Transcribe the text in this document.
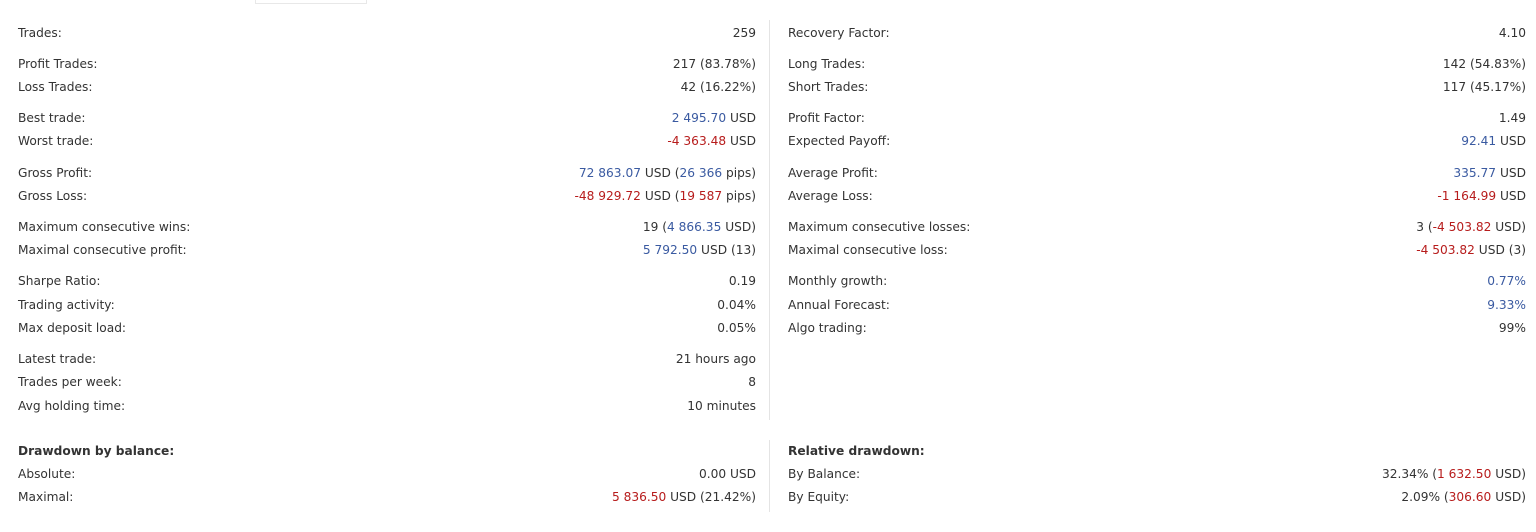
Trades:	259
Profit Trades:	217 (83.78%)
Loss Trades:	42 (16.22%)
Best trade:	2 495.70 USD
Worst trade:	-4 363.48 USD
Gross Profit:	72 863.07 USD (26 366 pips)
Gross Loss:	-48 929.72 USD (19 587 pips)
Maximum consecutive wins:	19 (4 866.35 USD)
Maximal consecutive profit:	5 792.50 USD (13)
Sharpe Ratio:	0.19
Trading activity:	0.04%
Max deposit load:	0.05%
Latest trade:	21 hours ago
Trades per week:	8
Avg holding time:	10 minutes
Drawdown by balance:
Absolute:	0.00 USD
Maximal:	5 836.50 USD (21.42%)
Recovery Factor:	4.10
Long Trades:	142 (54.83%)
Short Trades:	117 (45.17%)
Profit Factor:	1.49
Expected Payoff:	92.41 USD
Average Profit:	335.77 USD
Average Loss:	-1 164.99 USD
Maximum consecutive losses:	3 (-4 503.82 USD)
Maximal consecutive loss:	-4 503.82 USD (3)
Monthly growth:	0.77%
Annual Forecast:	9.33%
Algo trading:	99%
Relative drawdown:
By Balance:	32.34% (1 632.50 USD)
By Equity:	2.09% (306.60 USD)
